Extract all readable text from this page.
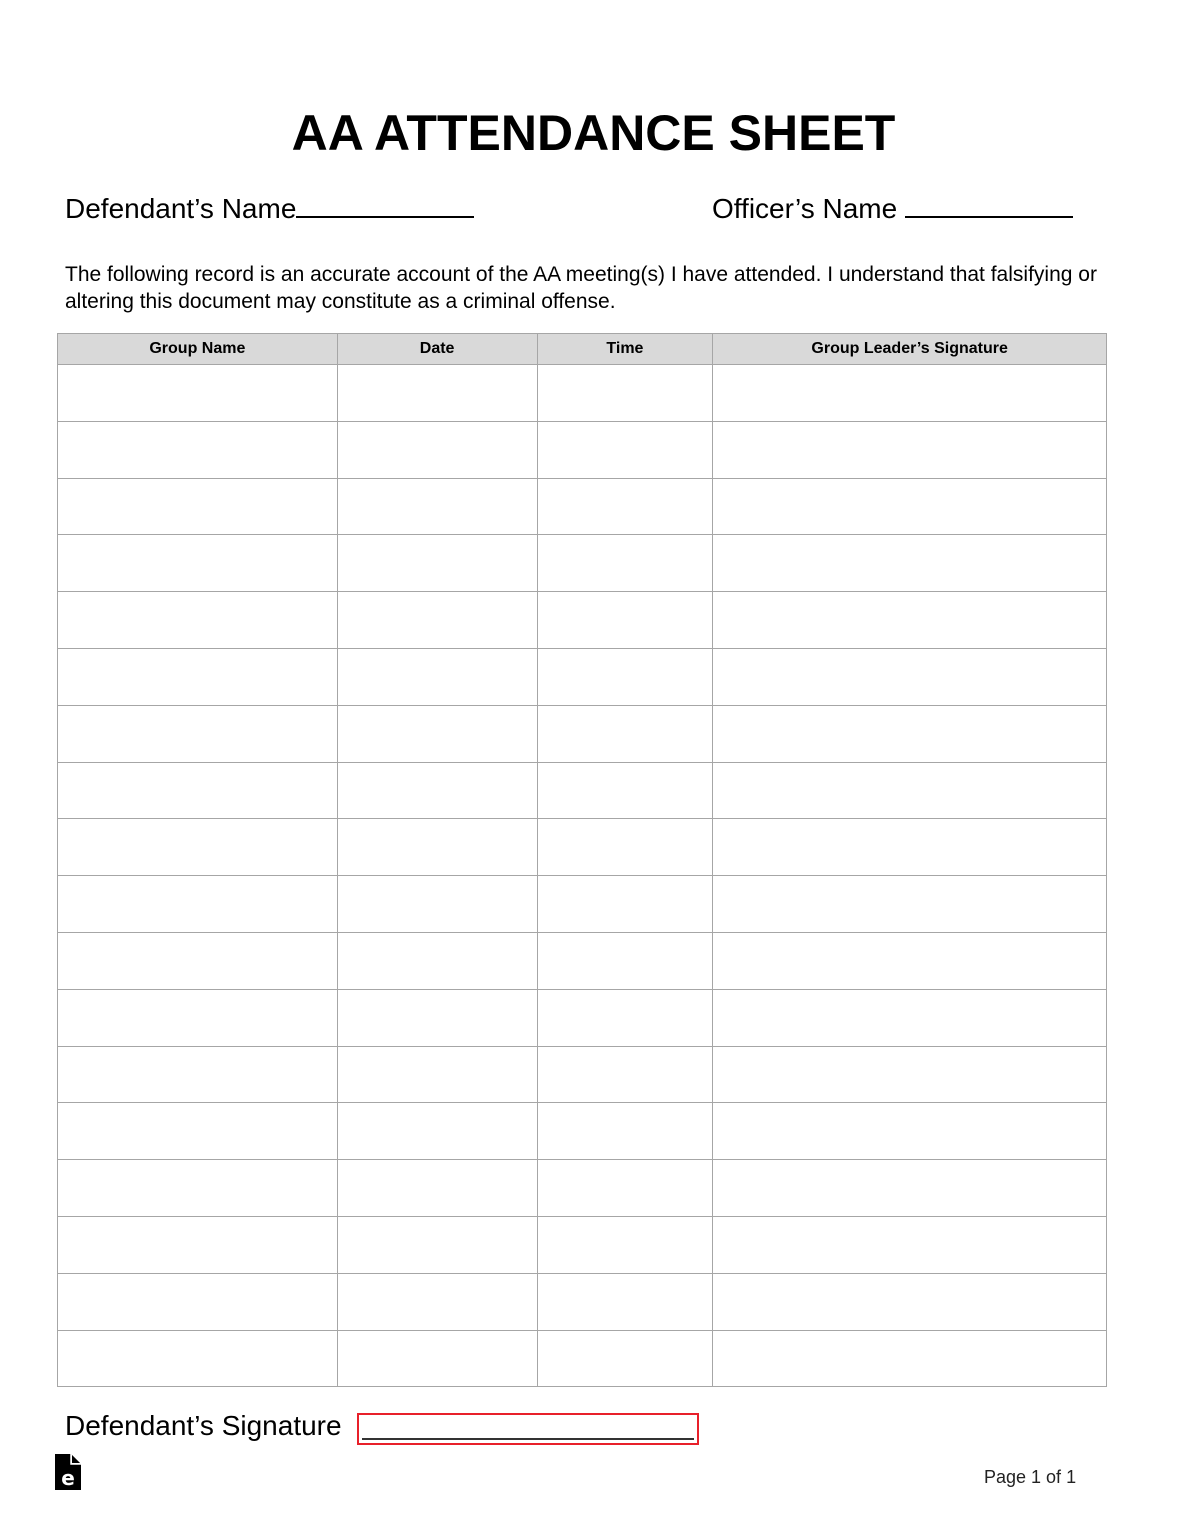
AA ATTENDANCE SHEET
Defendant’s Name	Officer’s Name
The following record is an accurate account of the AA meeting(s) I have attended. I understand that falsifying or altering this document may constitute as a criminal offense.
Group Name	Date	Time	Group Leader’s Signature

Defendant’s Signature
e	Page 1 of 1
